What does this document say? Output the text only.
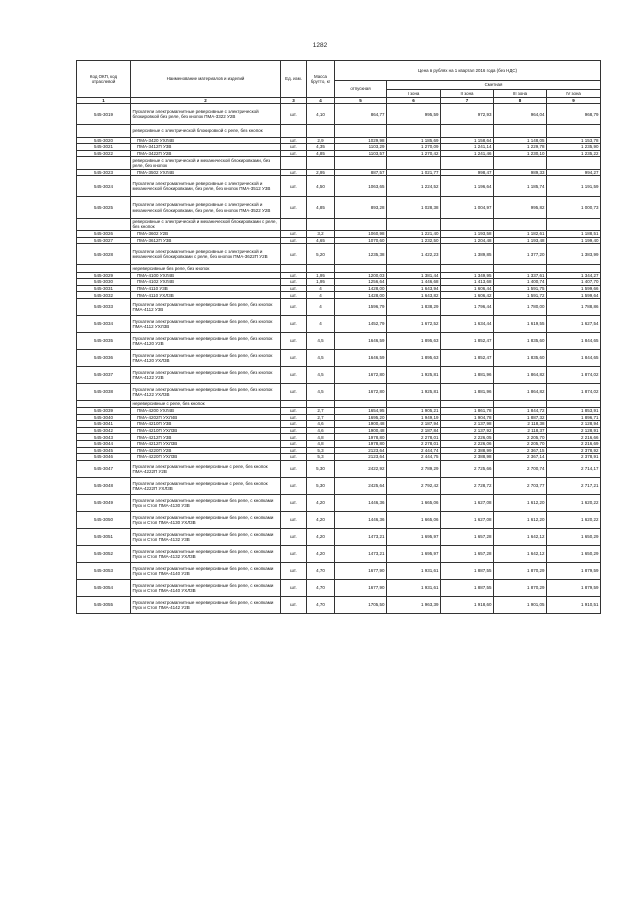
1282
Код ОКП, код отраслевой	Наименование материалов и изделий	Ед. изм.	Масса брутто, кг	Цена в рублях на 1 квартал 2016 года (без НДС)				
				отпускная	Сметная			
					I зона	II зона	III зона	IV зона
1	2	3	4	5	6	7	8	9
545-3019	Пускатели электромагнитные реверсивные с электрической блокировкой без реле, без кнопок ПМА-3322 У2В	шт.	4,10	864,77	995,59	972,93	964,04	968,79
	реверсивные с электрической блокировкой с реле, без кнопок							
545-3020	ПМА-3420 УХЛ4В	шт.	2,9	1029,98	1 185,69	1 158,64	1 148,05	1 153,78
545-3021	ПМА-3412П У3В	шт.	4,35	1103,29	1 270,09	1 241,14	1 229,78	1 235,90
545-3022	ПМА-3422П У2В	шт.	4,85	1103,57	1 270,42	1 241,46	1 230,10	1 235,22
	реверсивные с электрической и механической блокировками, без реле, без кнопок							
545-3023	ПМА-3502 УХЛ4В	шт.	2,95	887,57	1 021,77	998,47	989,33	994,27
545-3024	Пускатели электромагнитные реверсивные с электрической и механической блокировками, без реле, без кнопок ПМА-3512 У3В	шт.	4,50	1063,65	1 224,52	1 196,64	1 185,74	1 191,59
545-3025	Пускатели электромагнитные реверсивные с электрической и механической блокировками, без реле, без кнопок ПМА-3522 У2В	шт.	4,85	893,28	1 028,38	1 004,97	995,82	1 000,73
	реверсивные с электрической и механической блокировками с реле, без кнопок							
545-3026	ПМА-3602 У2В	шт.	3,2	1060,98	1 221,40	1 193,58	1 182,61	1 188,51
545-3027	ПМА-3612П У3В	шт.	4,65	1070,60	1 232,50	1 204,48	1 193,48	1 199,40
545-3028	Пускатели электромагнитные реверсивные с электрической и механической блокировками с реле, без кнопок ПМА-3622П У2В	шт.	5,20	1235,38	1 422,23	1 389,85	1 377,20	1 383,99
	нереверсивные без реле, без кнопок							
545-3029	ПМА-4100 УХЛ4В	шт.	1,95	1200,03	1 381,44	1 349,95	1 337,61	1 344,27
545-3030	ПМА-4102 УХЛ4В	шт.	1,95	1256,64	1 446,68	1 413,68	1 400,74	1 407,70
545-3031	ПМА-4110 У3В	шт.	4	1428,00	1 643,94	1 606,44	1 591,75	1 599,66
545-3032	ПМА-4110 УХЛ3В	шт.	4	1428,00	1 643,82	1 606,42	1 591,72	1 599,64
545-3033	Пускатели электромагнитные нереверсивные без реле, без кнопок ПМА-4112 У3В	шт.	4	1596,79	1 838,29	1 796,44	1 780,00	1 788,86
545-3034	Пускатели электромагнитные нереверсивные без реле, без кнопок ПМА-4112 УХЛ3В	шт.	4	1452,79	1 672,52	1 634,44	1 619,55	1 627,54
545-3035	Пускатели электромагнитные нереверсивные без реле, без кнопок ПМА-4120 У2В	шт.	4,5	1646,59	1 895,63	1 852,47	1 835,60	1 844,65
545-3036	Пускатели электромагнитные нереверсивные без реле, без кнопок ПМА-4120 УХЛ3В	шт.	4,5	1646,59	1 895,63	1 852,47	1 835,60	1 844,65
545-3037	Пускатели электромагнитные нереверсивные без реле, без кнопок ПМА-4122 У2В	шт.	4,5	1672,80	1 925,81	1 881,96	1 864,82	1 874,02
545-3038	Пускатели электромагнитные нереверсивные без реле, без кнопок ПМА-4122 УХЛ3В	шт.	4,5	1672,80	1 925,81	1 881,96	1 864,82	1 874,02
	нереверсивные с реле, без кнопок							
545-3039	ПМА-4200 УХЛ4В	шт.	2,7	1654,95	1 905,21	1 861,78	1 844,72	1 853,91
545-3040	ПМА-4202П УХЛ4В	шт.	2,7	1695,20	1 949,19	1 904,78	1 887,32	1 896,71
545-3041	ПМА-4210П У3В	шт.	4,6	1900,48	2 187,94	2 137,98	2 118,38	2 128,94
545-3042	ПМА-4210П УХЛ3В	шт.	4,6	1900,48	2 187,84	2 137,92	2 118,37	2 128,91
545-3043	ПМА-4212П У3В	шт.	4,8	1978,80	2 278,01	2 226,05	2 205,70	2 216,66
545-3044	ПМА-4212П УХЛ3В	шт.	4,8	1978,80	2 278,01	2 226,06	2 205,70	2 216,69
545-3045	ПМА-4220П У2В	шт.	5,3	2123,64	2 444,74	2 388,99	2 367,15	2 378,92
545-3046	ПМА-4220П УХЛ3В	шт.	5,3	2123,64	2 444,75	2 388,98	2 367,14	2 378,91
545-3047	Пускатели электромагнитные нереверсивные с реле, без кнопок ПМА-4222П У2В	шт.	5,30	2422,92	2 789,29	2 725,66	2 700,74	2 714,17
545-3048	Пускатели электромагнитные нереверсивные с реле, без кнопок ПМА-4222П УХЛ3В	шт.	5,30	2425,64	2 792,42	2 728,72	2 703,77	2 717,21
545-3049	Пускатели электромагнитные нереверсивные без реле, с кнопками Пуск и Стоп ПМА-4130 У3В	шт.	4,20	1446,36	1 665,06	1 627,08	1 612,20	1 620,22
545-3050	Пускатели электромагнитные нереверсивные без реле, с кнопками Пуск и Стоп ПМА-4130 УХЛ3В	шт.	4,20	1446,36	1 665,06	1 627,08	1 612,20	1 620,22
545-3051	Пускатели электромагнитные нереверсивные без реле, с кнопками Пуск и Стоп ПМА-4132 У3В	шт.	4,20	1473,21	1 695,97	1 657,28	1 642,12	1 650,29
545-3052	Пускатели электромагнитные нереверсивные без реле, с кнопками Пуск и Стоп ПМА-4132 УХЛ3В	шт.	4,20	1473,21	1 695,97	1 657,28	1 642,12	1 650,29
545-3053	Пускатели электромагнитные нереверсивные без реле, с кнопками Пуск и Стоп ПМА-4140 У2В	шт.	4,70	1677,90	1 931,61	1 887,55	1 870,29	1 879,59
545-3054	Пускатели электромагнитные нереверсивные без реле, с кнопками Пуск и Стоп ПМА-4140 УХЛ3В	шт.	4,70	1677,90	1 931,61	1 887,55	1 870,29	1 879,59
545-3055	Пускатели электромагнитные нереверсивные без реле, с кнопками Пуск и Стоп ПМА-4142 У2В	шт.	4,70	1705,50	1 963,39	1 918,60	1 901,05	1 910,51
